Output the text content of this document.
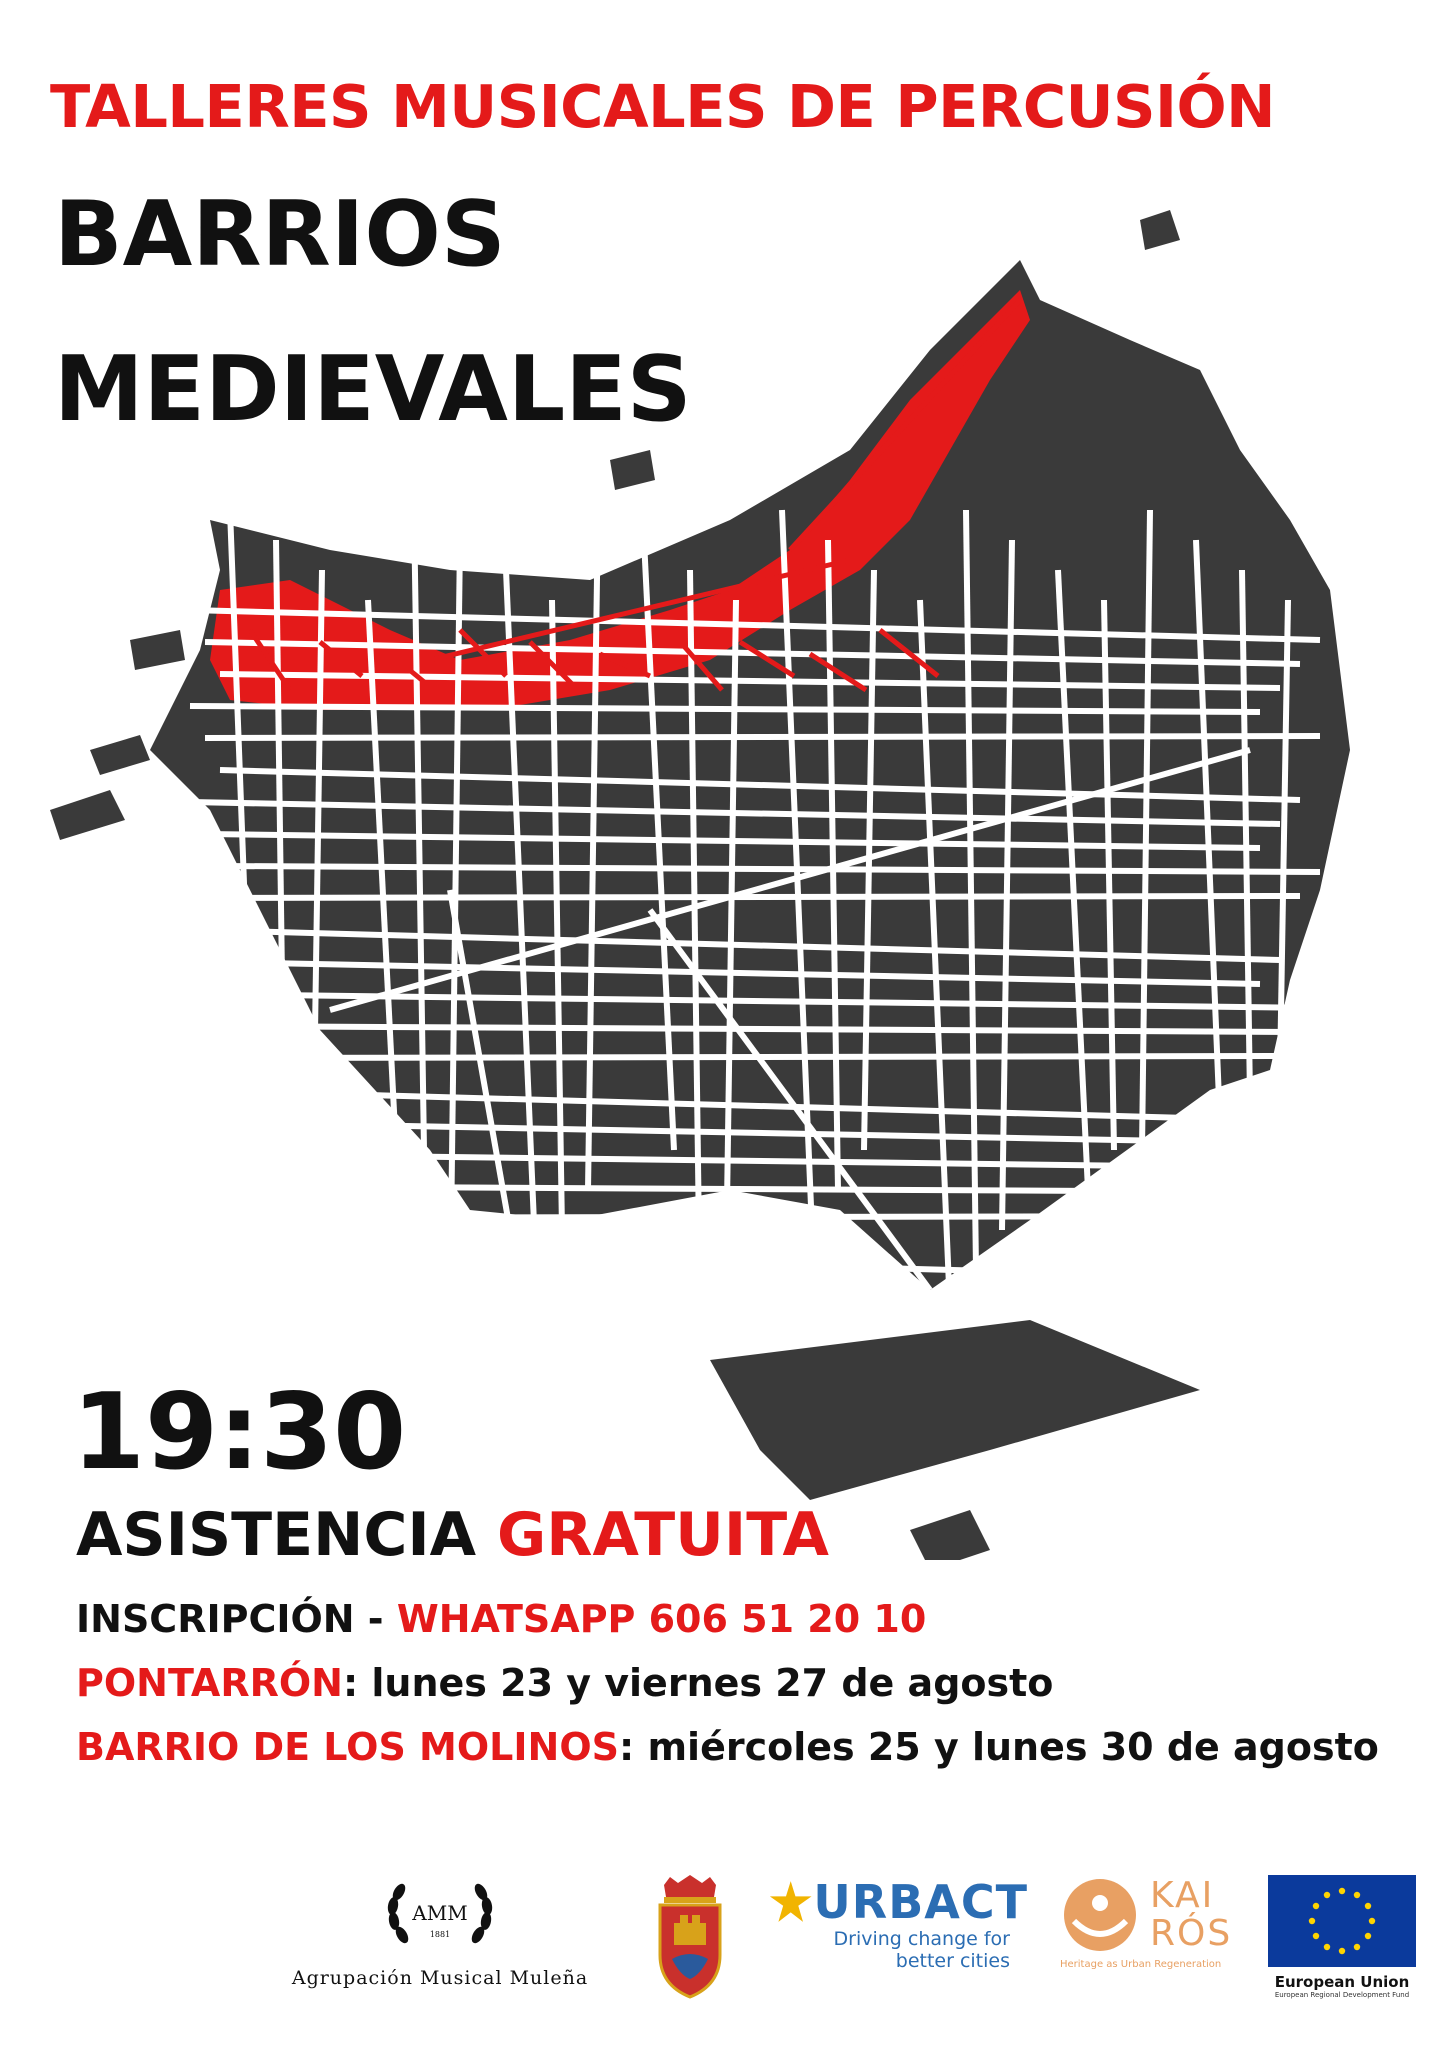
TALLERES MUSICALES DE PERCUSIÓN
BARRIOS
MEDIEVALES
19:30
ASISTENCIA GRATUITA
INSCRIPCIÓN - WHATSAPP 606 51 20 10
PONTARRÓN: lunes 23 y viernes 27 de agosto
BARRIO DE LOS MOLINOS: miércoles 25 y lunes 30 de agosto
AMM
1881
Agrupación Musical Muleña
URBACT
Driving change for
better cities
KAI
RÓS
Heritage as Urban Regeneration
European Union
European Regional Development Fund
